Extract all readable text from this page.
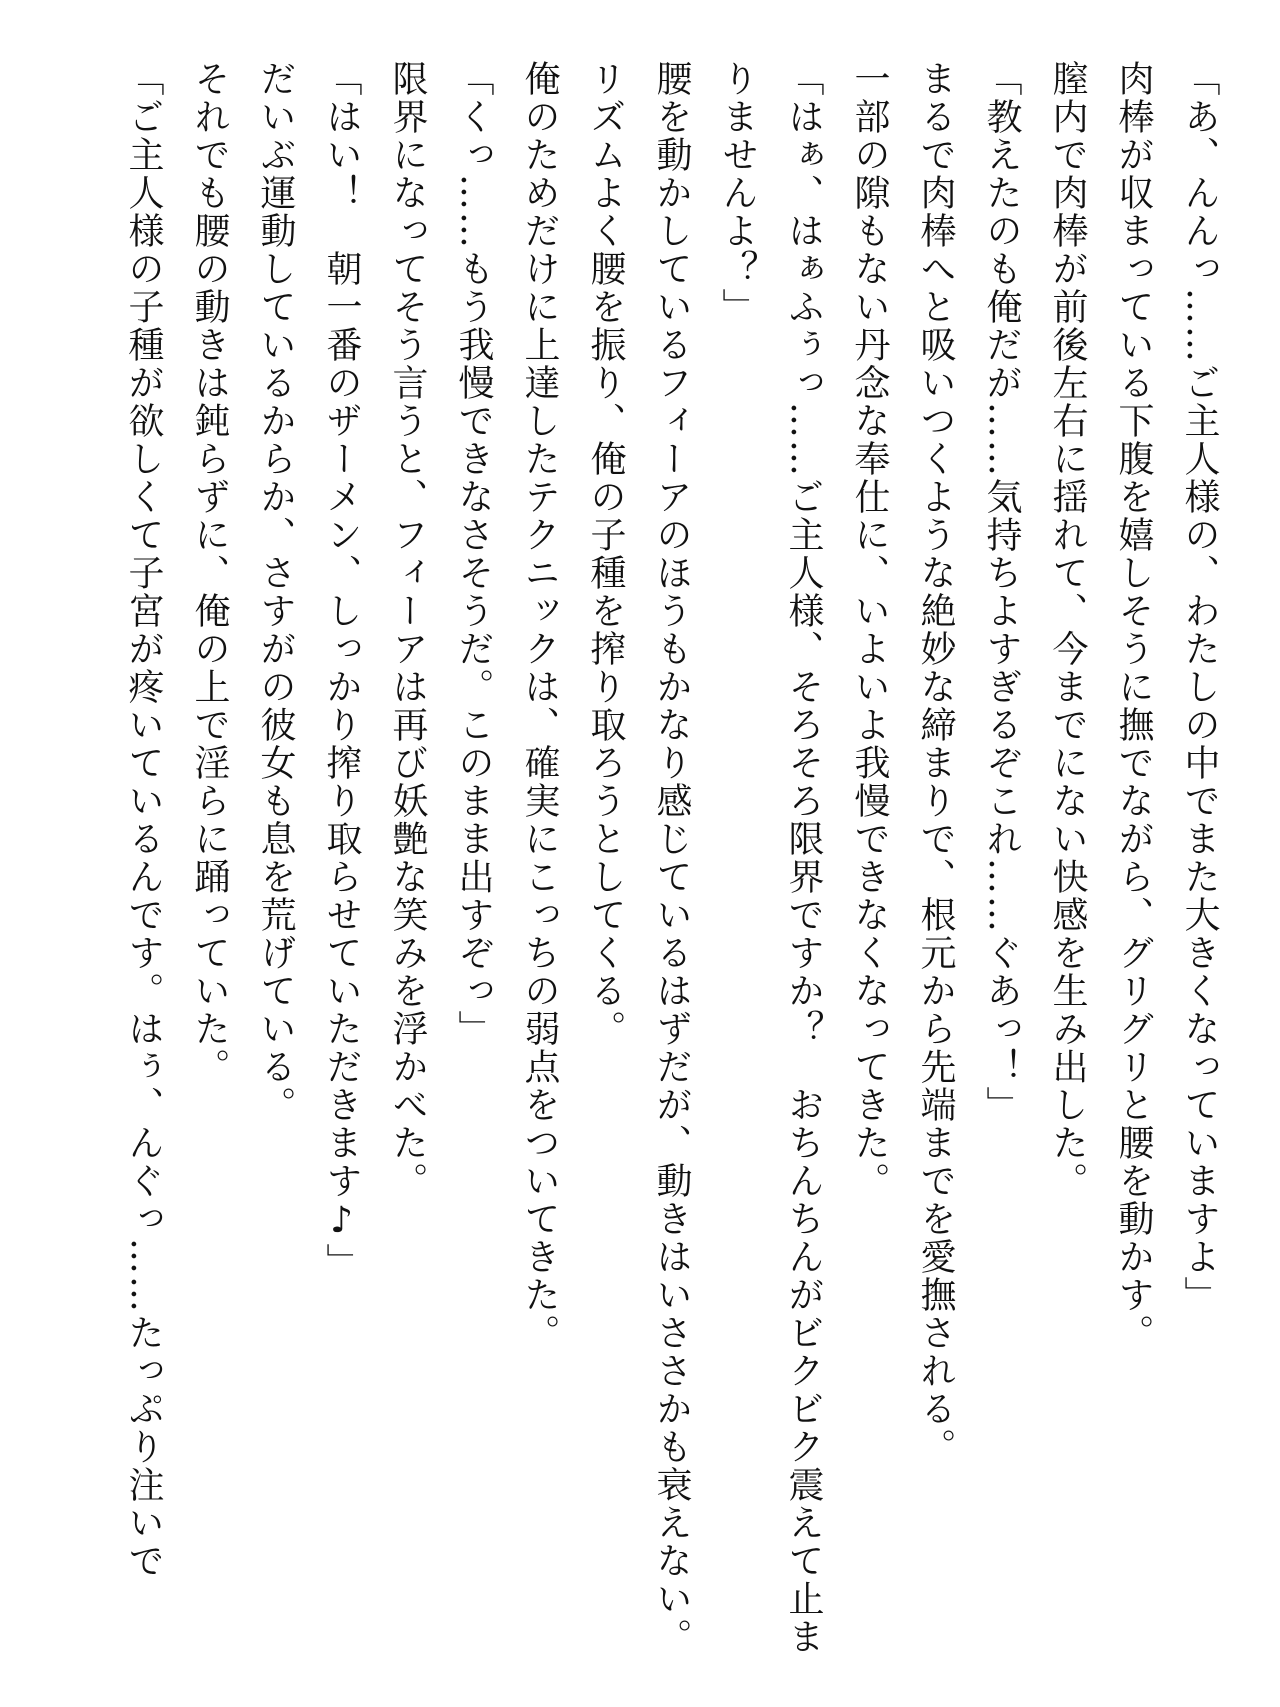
「あ、んんっ……ご主人様の、わたしの中でまた大きくなっていますよ」
肉棒が収まっている下腹を嬉しそうに撫でながら、グリグリと腰を動かす。
膣内で肉棒が前後左右に揺れて、今までにない快感を生み出した。
「教えたのも俺だが……気持ちよすぎるぞこれ……ぐあっ！」
まるで肉棒へと吸いつくような絶妙な締まりで、根元から先端までを愛撫される。
一部の隙もない丹念な奉仕に、いよいよ我慢できなくなってきた。
「はぁ、はぁふぅっ……ご主人様、そろそろ限界ですか？　おちんちんがビクビク震えて止まりませんよ？」
腰を動かしているフィーアのほうもかなり感じているはずだが、動きはいささかも衰えない。
リズムよく腰を振り、俺の子種を搾り取ろうとしてくる。
俺のためだけに上達したテクニックは、確実にこっちの弱点をついてきた。
「くっ……もう我慢できなさそうだ。このまま出すぞっ」
限界になってそう言うと、フィーアは再び妖艶な笑みを浮かべた。
「はい！　朝一番のザーメン、しっかり搾り取らせていただきます♪」
だいぶ運動しているからか、さすがの彼女も息を荒げている。
それでも腰の動きは鈍らずに、俺の上で淫らに踊っていた。
「ご主人様の子種が欲しくて子宮が疼いているんです。はぅ、んぐっ……たっぷり注いで
